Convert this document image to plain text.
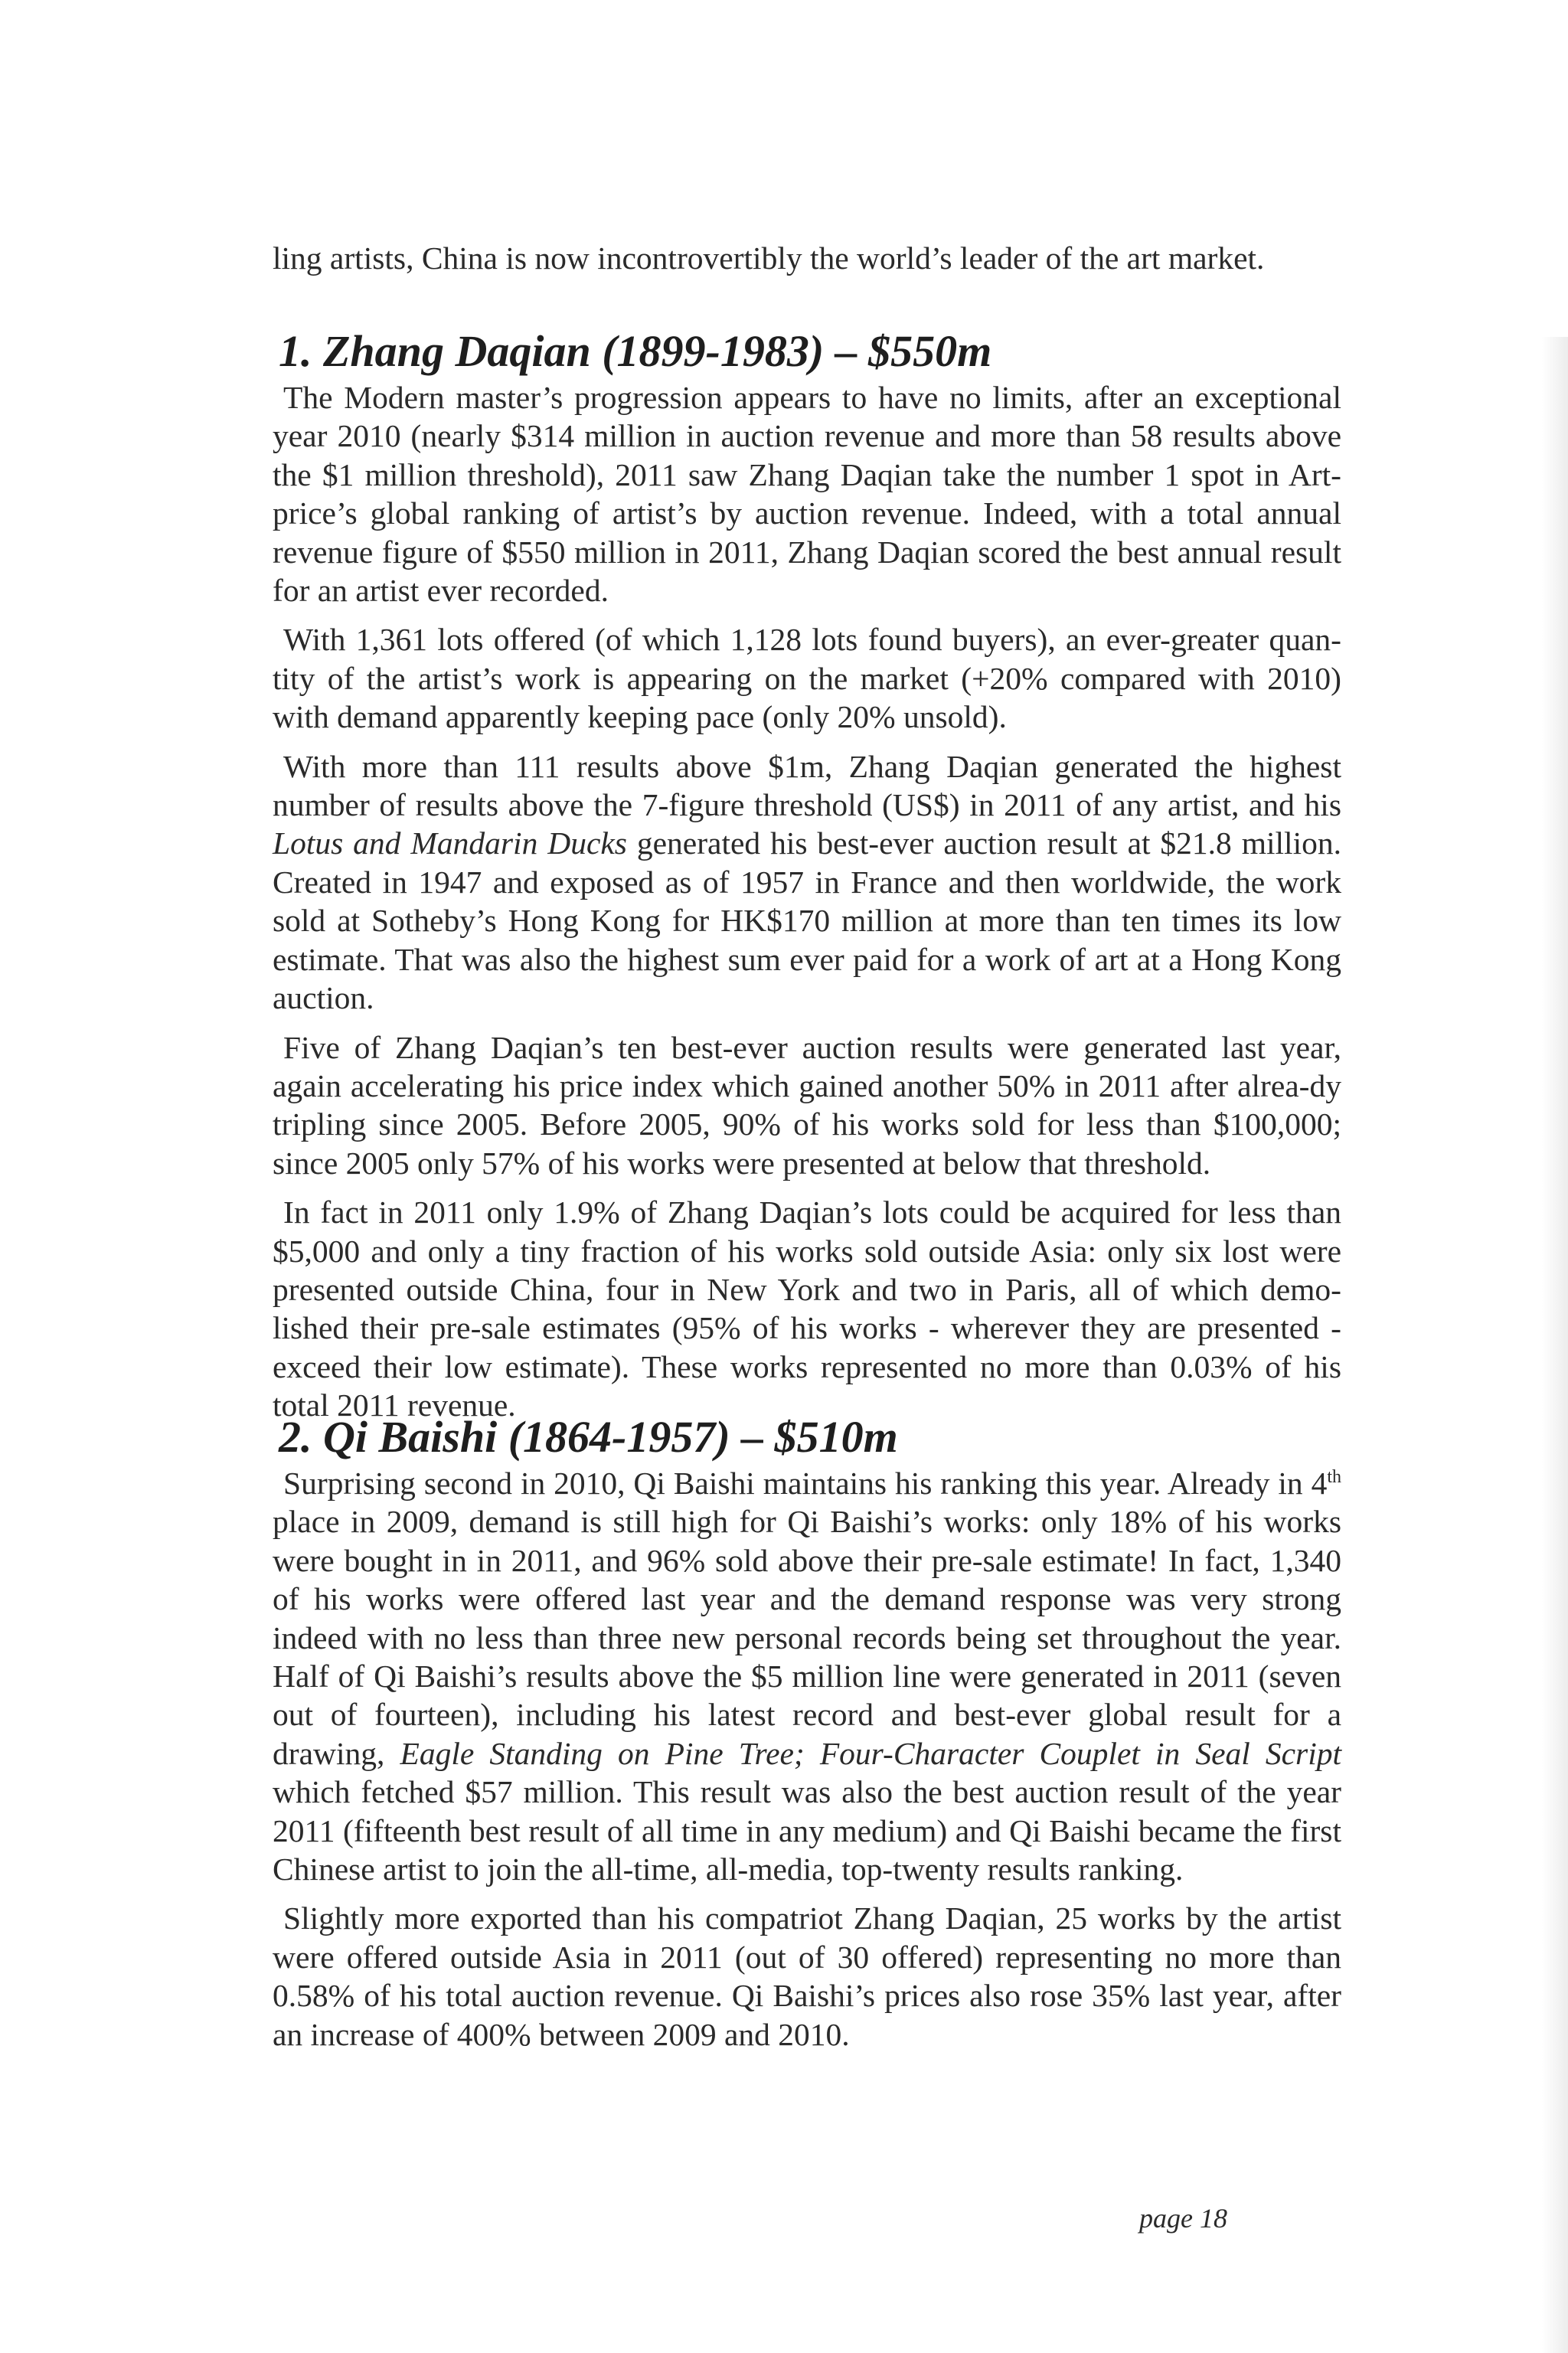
ling artists, China is now incontrovertibly the world’s leader of the art market.

1. Zhang Daqian (1899-1983) – $550m

The Modern master’s progression appears to have no limits, after an exceptional year 2010 (nearly $314 million in auction revenue and more than 58 results above the $1 million threshold), 2011 saw Zhang Daqian take the number 1 spot in Art-price’s global ranking of artist’s by auction revenue. Indeed, with a total annual revenue figure of $550 million in 2011, Zhang Daqian scored the best annual result for an artist ever recorded.

With 1,361 lots offered (of which 1,128 lots found buyers), an ever-greater quan-tity of the artist’s work is appearing on the market (+20% compared with 2010) with demand apparently keeping pace (only 20% unsold).

With more than 111 results above $1m, Zhang Daqian generated the highest number of results above the 7-figure threshold (US$) in 2011 of any artist, and his Lotus and Mandarin Ducks generated his best-ever auction result at $21.8 million. Created in 1947 and exposed as of 1957 in France and then worldwide, the work sold at Sotheby’s Hong Kong for HK$170 million at more than ten times its low estimate. That was also the highest sum ever paid for a work of art at a Hong Kong auction.

Five of Zhang Daqian’s ten best-ever auction results were generated last year, again accelerating his price index which gained another 50% in 2011 after alrea-dy tripling since 2005. Before 2005, 90% of his works sold for less than $100,000; since 2005 only 57% of his works were presented at below that threshold.

In fact in 2011 only 1.9% of Zhang Daqian’s lots could be acquired for less than $5,000 and only a tiny fraction of his works sold outside Asia: only six lost were presented outside China, four in New York and two in Paris, all of which demo-lished their pre-sale estimates (95% of his works - wherever they are presented - exceed their low estimate). These works represented no more than 0.03% of his total 2011 revenue.

2. Qi Baishi (1864-1957) – $510m

Surprising second in 2010, Qi Baishi maintains his ranking this year. Already in 4th place in 2009, demand is still high for Qi Baishi’s works: only 18% of his works were bought in in 2011, and 96% sold above their pre-sale estimate! In fact, 1,340 of his works were offered last year and the demand response was very strong indeed with no less than three new personal records being set throughout the year. Half of Qi Baishi’s results above the $5 million line were generated in 2011 (seven out of fourteen), including his latest record and best-ever global result for a drawing, Eagle Standing on Pine Tree; Four-Character Couplet in Seal Script which fetched $57 million. This result was also the best auction result of the year 2011 (fifteenth best result of all time in any medium) and Qi Baishi became the first Chinese artist to join the all-time, all-media, top-twenty results ranking.

Slightly more exported than his compatriot Zhang Daqian, 25 works by the artist were offered outside Asia in 2011 (out of 30 offered) representing no more than 0.58% of his total auction revenue. Qi Baishi’s prices also rose 35% last year, after an increase of 400% between 2009 and 2010.

page 18
